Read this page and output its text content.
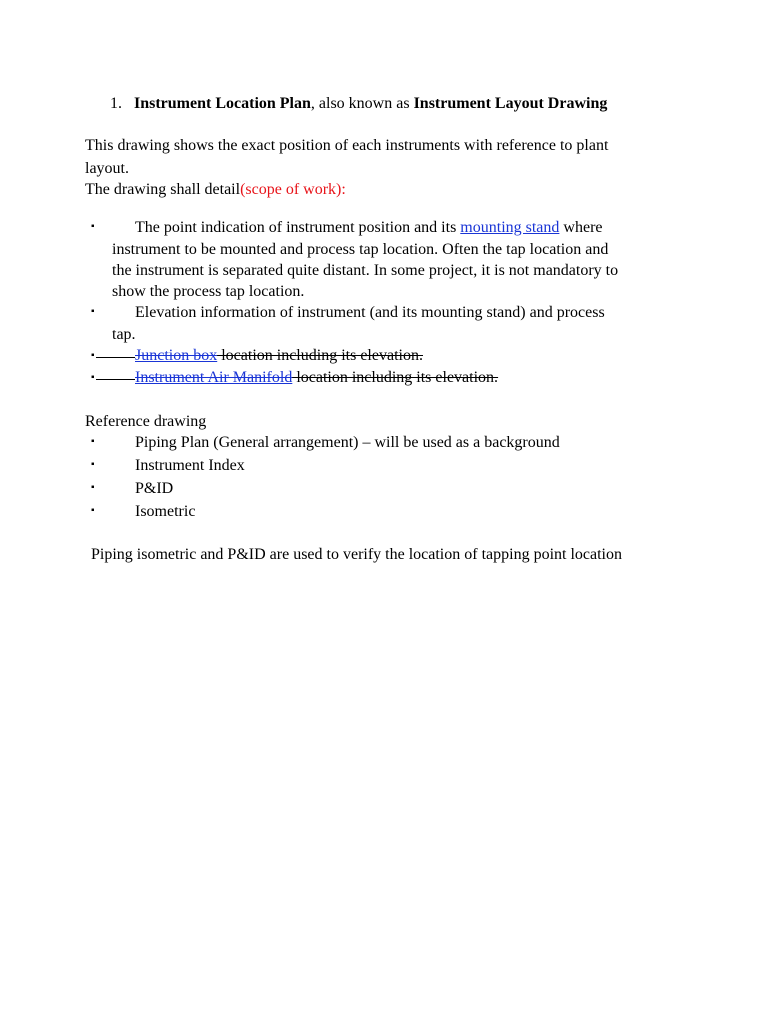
1. Instrument Location Plan, also known as Instrument Layout Drawing
This drawing shows the exact position of each instruments with reference to plant
layout.
The drawing shall detail(scope of work):
▪	The point indication of instrument position and its mounting stand where
instrument to be mounted and process tap location. Often the tap location and
the instrument is separated quite distant. In some project, it is not mandatory to
show the process tap location.
▪	Elevation information of instrument (and its mounting stand) and process
tap.
▪	Junction box location including its elevation.
▪	Instrument Air Manifold location including its elevation.
Reference drawing
▪	Piping Plan (General arrangement) – will be used as a background
▪	Instrument Index
▪	P&ID
▪	Isometric
Piping isometric and P&ID are used to verify the location of tapping point location
